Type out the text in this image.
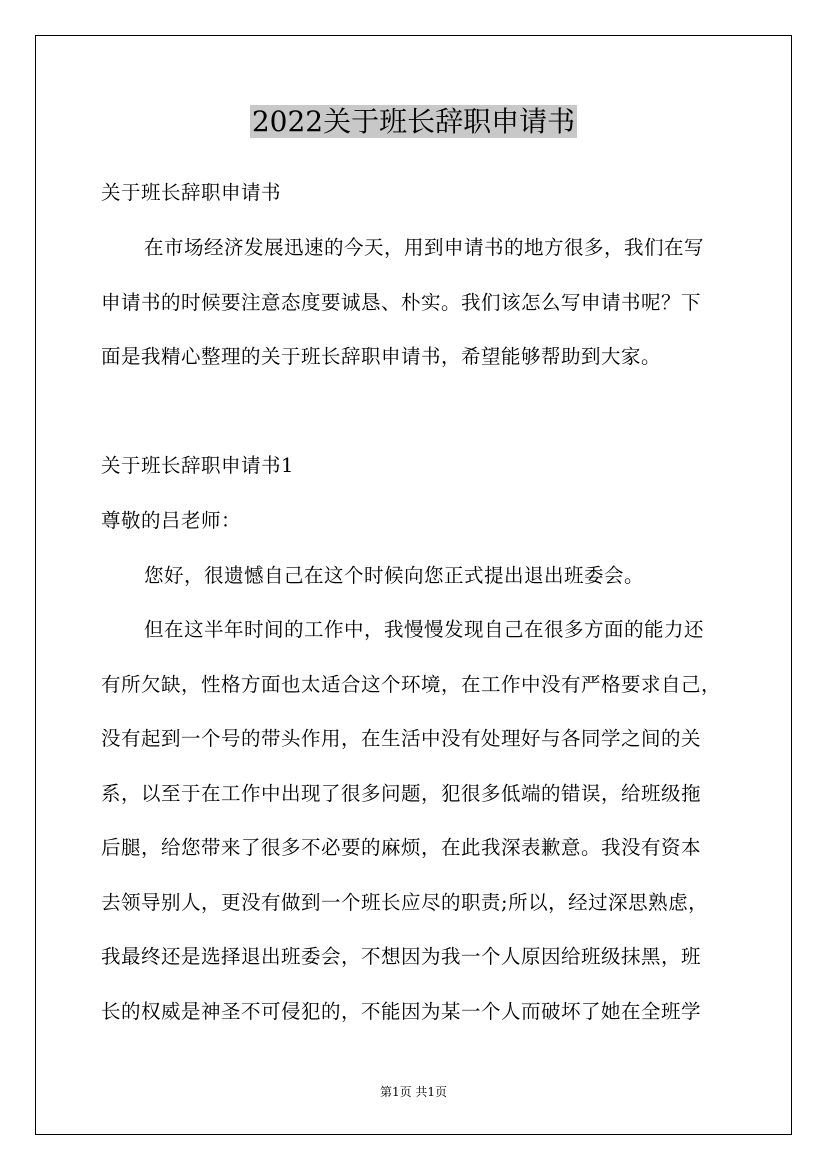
2022关于班长辞职申请书
关于班长辞职申请书
在市场经济发展迅速的今天，用到申请书的地方很多，我们在写
申请书的时候要注意态度要诚恳、朴实。我们该怎么写申请书呢？下
面是我精心整理的关于班长辞职申请书，希望能够帮助到大家。
关于班长辞职申请书1
尊敬的吕老师：
您好，很遗憾自己在这个时候向您正式提出退出班委会。
但在这半年时间的工作中，我慢慢发现自己在很多方面的能力还
有所欠缺，性格方面也太适合这个环境，在工作中没有严格要求自己，
没有起到一个号的带头作用，在生活中没有处理好与各同学之间的关
系，以至于在工作中出现了很多问题，犯很多低端的错误，给班级拖
后腿，给您带来了很多不必要的麻烦，在此我深表歉意。我没有资本
去领导别人，更没有做到一个班长应尽的职责;所以，经过深思熟虑，
我最终还是选择退出班委会，不想因为我一个人原因给班级抹黑，班
长的权威是神圣不可侵犯的，不能因为某一个人而破坏了她在全班学
第1页 共1页
